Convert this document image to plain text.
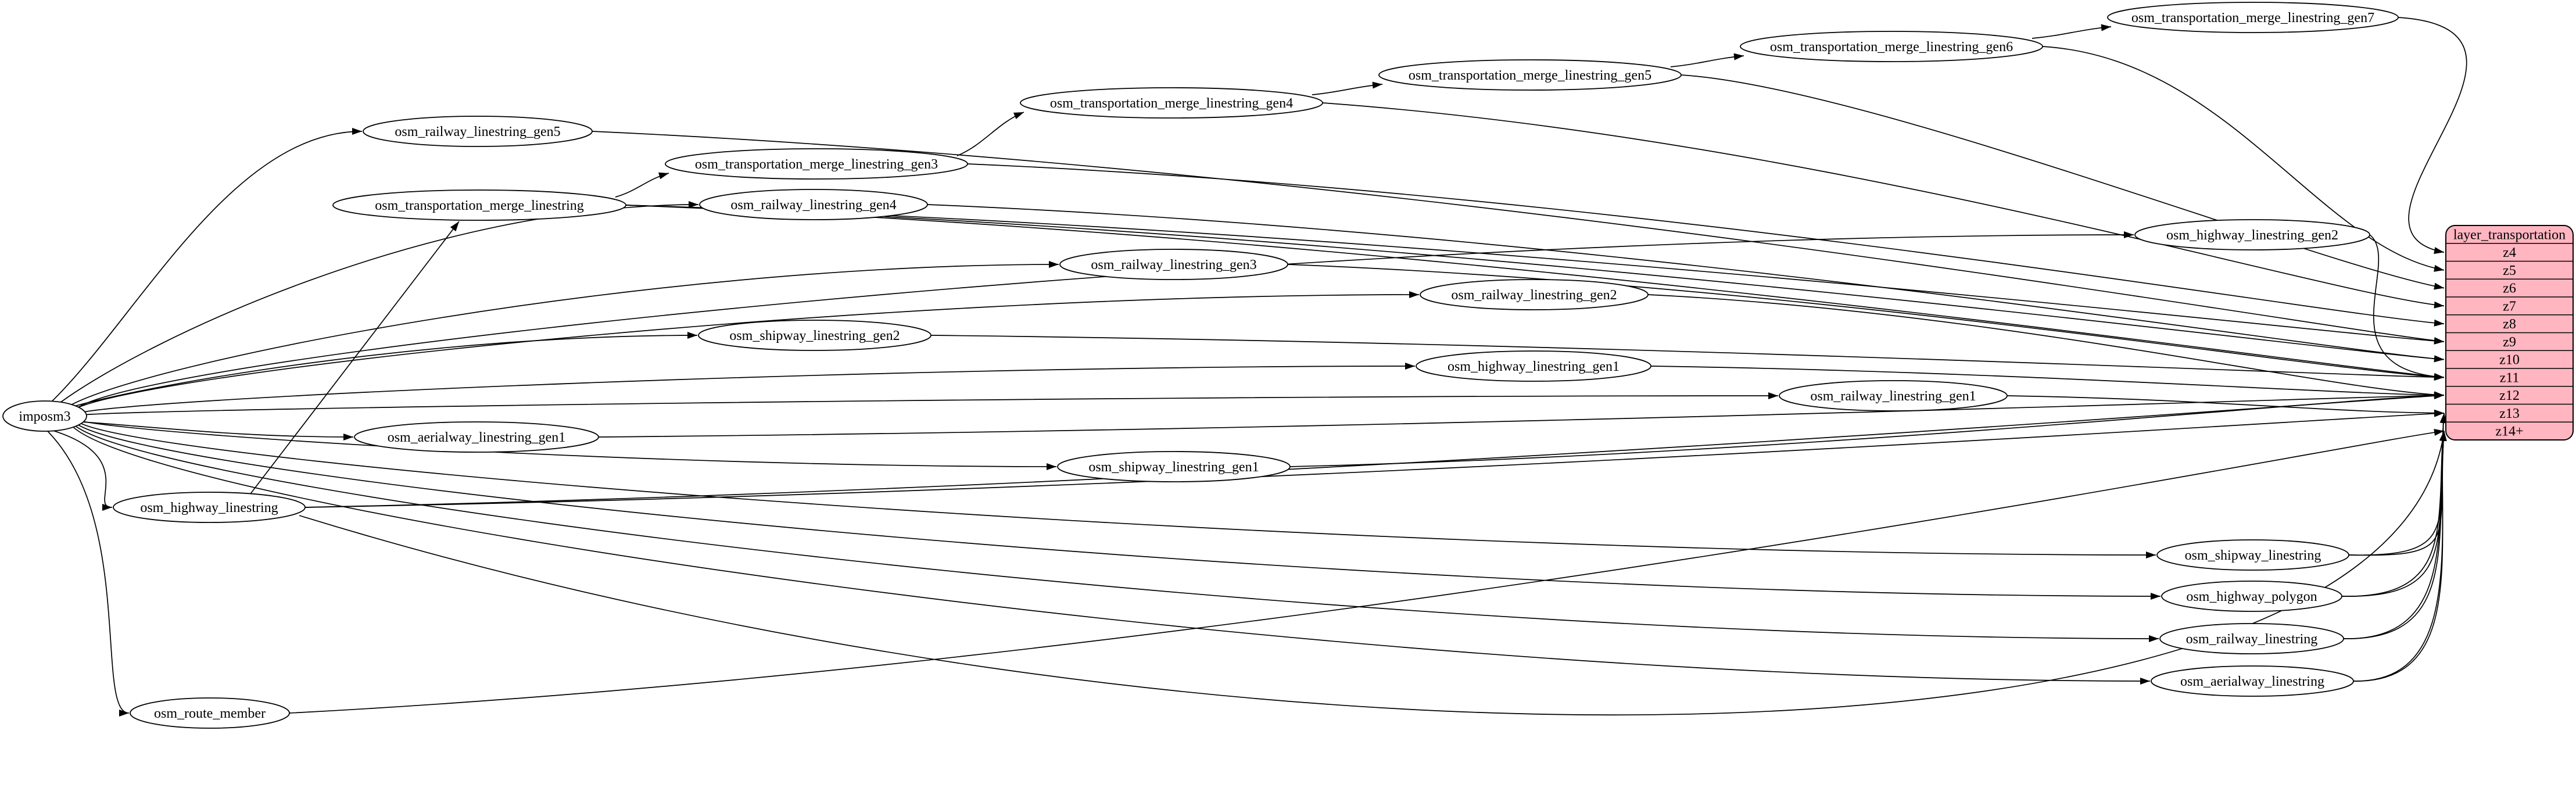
imposm3
osm_railway_linestring_gen5
osm_transportation_merge_linestring	osm_railway_linestring_gen4
osm_transportation_merge_linestring_gen3
osm_transportation_merge_linestring_gen4
osm_transportation_merge_linestring_gen5
osm_transportation_merge_linestring_gen6
osm_transportation_merge_linestring_gen7
osm_highway_linestring_gen2
osm_railway_linestring_gen3
osm_railway_linestring_gen2
osm_shipway_linestring_gen2
osm_highway_linestring_gen1
osm_railway_linestring_gen1
osm_aerialway_linestring_gen1
osm_shipway_linestring_gen1
osm_highway_linestring
osm_shipway_linestring
osm_highway_polygon
osm_railway_linestring
osm_aerialway_linestring
osm_route_member
layer_transportation
z4
z5
z6
z7
z8
z9
z10
z11
z12
z13
z14+
